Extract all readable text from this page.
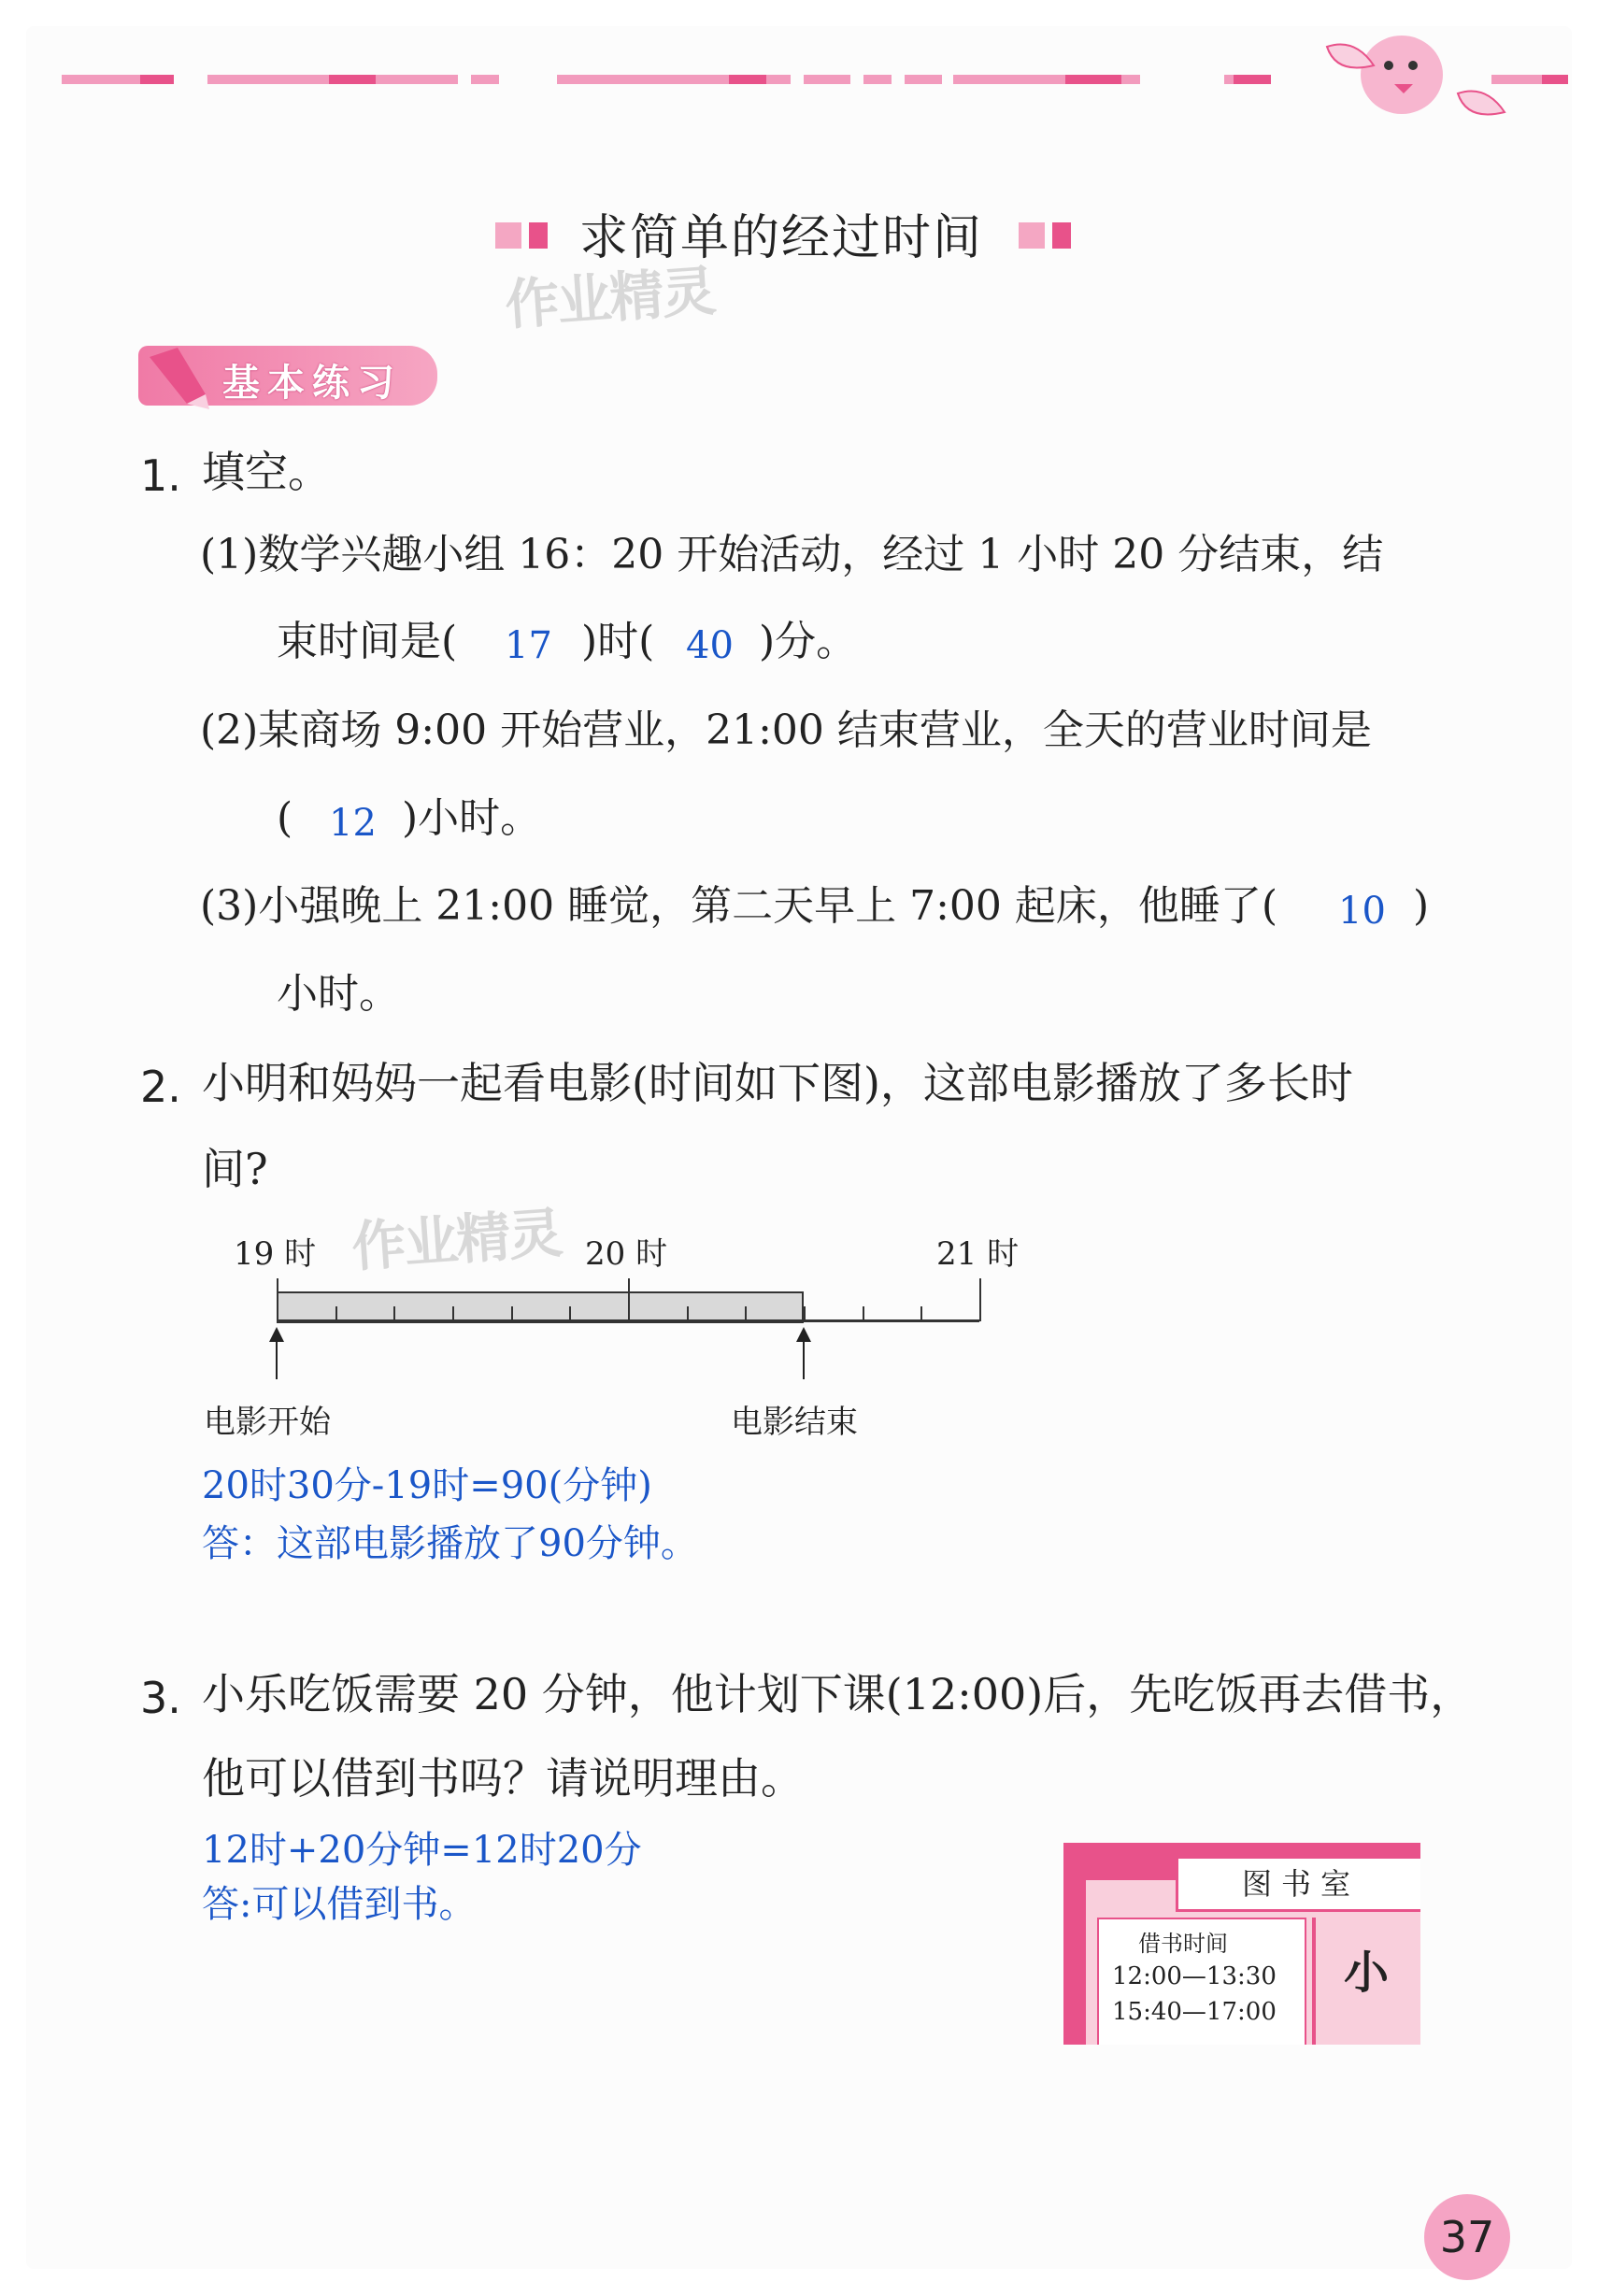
求简单的经过时间
作业精灵
基本练习
1. 填空。
(1)数学兴趣小组 16：20 开始活动，经过 1 小时 20 分结束，结
束时间是( 17 )时( 40 )分。
(2)某商场 9:00 开始营业，21:00 结束营业，全天的营业时间是
( 12 )小时。
(3)小强晚上 21:00 睡觉，第二天早上 7:00 起床，他睡了( 10 )
小时。
2. 小明和妈妈一起看电影(时间如下图)，这部电影播放了多长时
间?
19 时	20 时	21 时
作业精灵
电影开始	电影结束
20时30分-19时=90(分钟)
答：这部电影播放了90分钟。
3. 小乐吃饭需要 20 分钟，他计划下课(12:00)后，先吃饭再去借书，
他可以借到书吗？请说明理由。
12时+20分钟=12时20分
答:可以借到书。	图书室
借书时间
12:00—13:30
15:40—17:00
小
37
